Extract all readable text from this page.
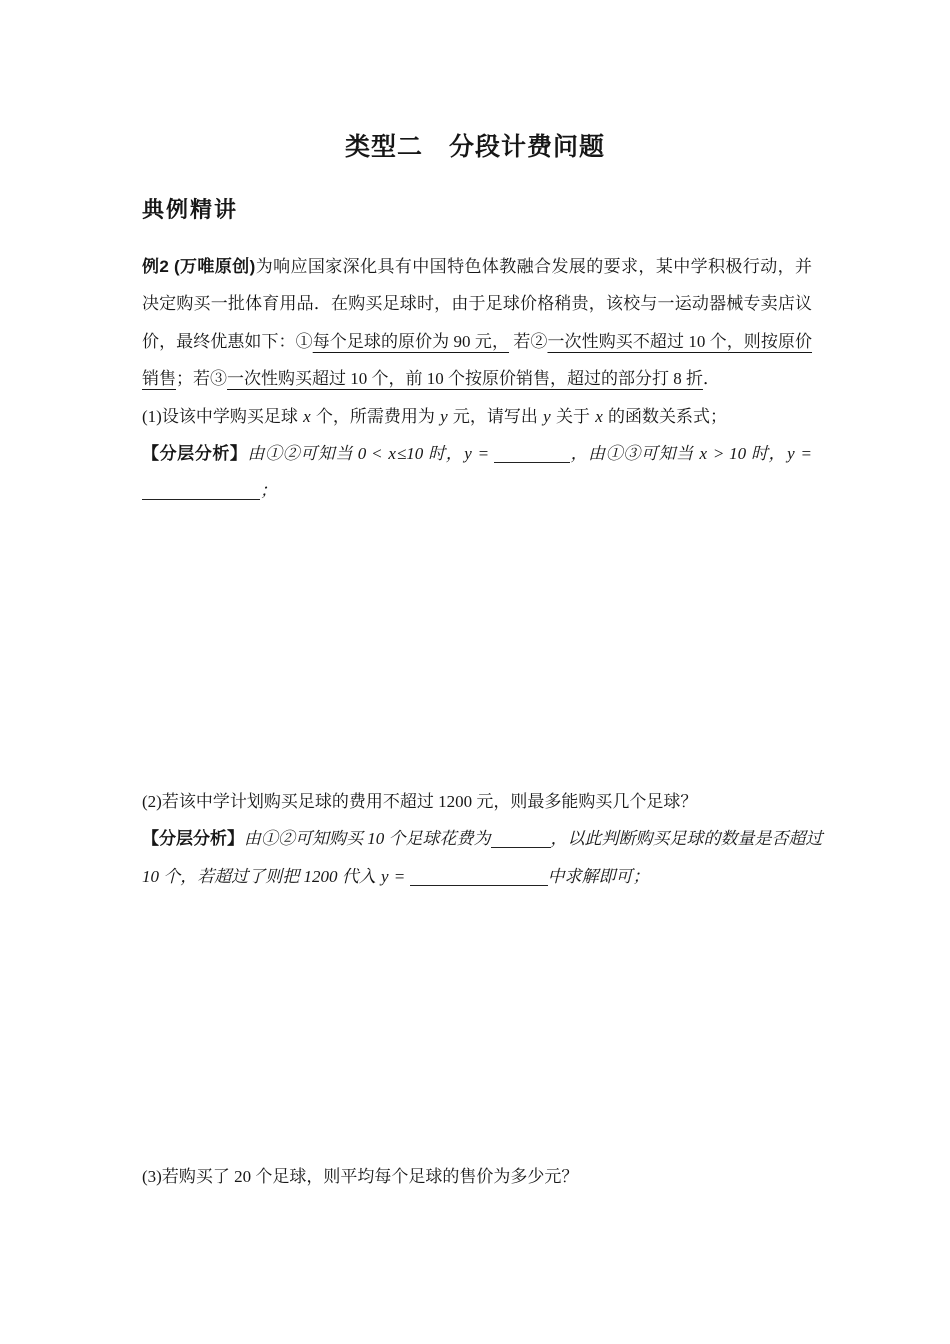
类型二　分段计费问题
典例精讲
例2 (万唯原创)为响应国家深化具有中国特色体教融合发展的要求，某中学积极行动，并
决定购买一批体育用品．在购买足球时，由于足球价格稍贵，该校与一运动器械专卖店议
价，最终优惠如下：①每个足球的原价为 90 元， 若②一次性购买不超过 10 个，则按原价
销售；若③一次性购买超过 10 个，前 10 个按原价销售，超过的部分打 8 折．
(1)设该中学购买足球 x 个，所需费用为 y 元，请写出 y 关于 x 的函数关系式；
【分层分析】由①②可知当 0 < x≤10 时，y =	，由①③可知当 x > 10 时，y =
；
(2)若该中学计划购买足球的费用不超过 1200 元，则最多能购买几个足球？
【分层分析】由①②可知购买 10 个足球花费为	，以此判断购买足球的数量是否超过
10 个，若超过了则把 1200 代入 y =	中求解即可；
(3)若购买了 20 个足球，则平均每个足球的售价为多少元？
